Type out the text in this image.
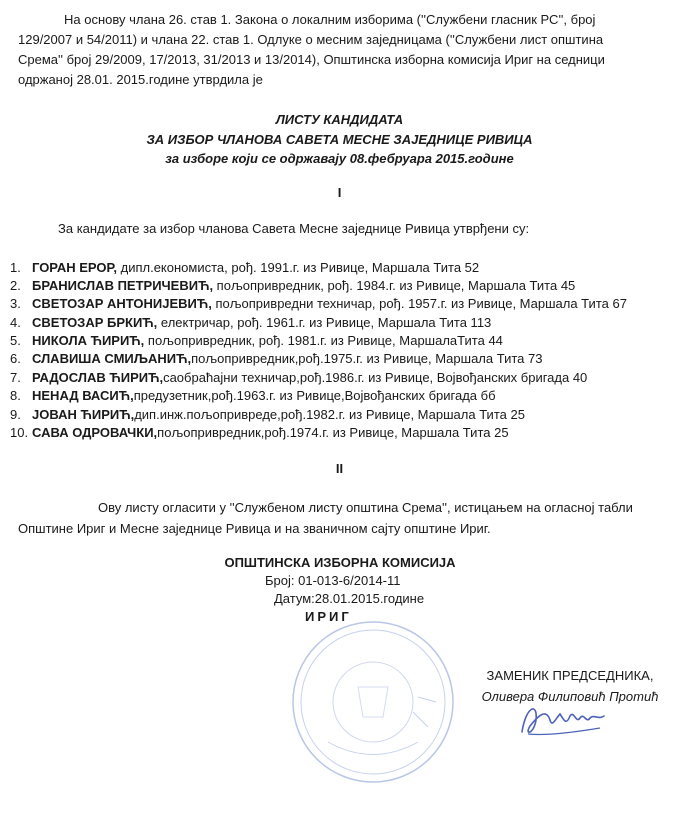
На основу члана 26. став 1. Закона о локалним изборима (''Службени гласник РС'', број
129/2007 и 54/2011) и члана 22. став 1. Одлуке о месним заједницама (''Службени лист општина
Срема'' број 29/2009, 17/2013, 31/2013 и 13/2014), Општинска изборна комисија Ириг на седници
одржаној 28.01. 2015.године утврдила је
ЛИСТУ КАНДИДАТА
ЗА ИЗБОР ЧЛАНОВА САВЕТА МЕСНЕ ЗАЈЕДНИЦЕ РИВИЦА
за изборе који се одржавају 08.фебруара 2015.године
I
За кандидате за избор чланова Савета Месне заједнице Ривица утврђени су:
1. ГОРАН ЕРОР, дипл.економиста, рођ. 1991.г. из Ривице, Маршала Тита 52
2. БРАНИСЛАВ ПЕТРИЧЕВИЋ, пољопривредник, рођ. 1984.г. из Ривице, Маршала Тита 45
3. СВЕТОЗАР АНТОНИЈЕВИЋ, пољопривредни техничар, рођ. 1957.г. из Ривице, Маршала Тита 67
4. СВЕТОЗАР БРКИЋ, електричар, рођ. 1961.г. из Ривице, Маршала Тита 113
5. НИКОЛА ЋИРИЋ, пољопривредник, рођ. 1981.г. из Ривице, МаршалаТита 44
6. СЛАВИША СМИЉАНИЋ,пољопривредник,рођ.1975.г. из Ривице, Маршала Тита 73
7. РАДОСЛАВ ЋИРИЋ,саобраћајни техничар,рођ.1986.г. из Ривице, Војвођанских бригада 40
8. НЕНАД ВАСИЋ,предузетник,рођ.1963.г. из Ривице,Војвођанских бригада бб
9. ЈОВАН ЋИРИЋ,дип.инж.пољопривреде,рођ.1982.г. из Ривице, Маршала Тита 25
10. САВА ОДРОВАЧКИ,пољопривредник,рођ.1974.г. из Ривице, Маршала Тита 25
II
Ову листу огласити у ''Службеном листу општина Срема'', истицањем на огласној табли
Општине Ириг и Месне заједнице Ривица и на званичном сајту општине Ириг.
ОПШТИНСКА ИЗБОРНА КОМИСИЈА
Број: 01-013-6/2014-11
Датум:28.01.2015.године
ИРИГ
ЗАМЕНИК ПРЕДСЕДНИКА,
Оливера Филиповић Протић
